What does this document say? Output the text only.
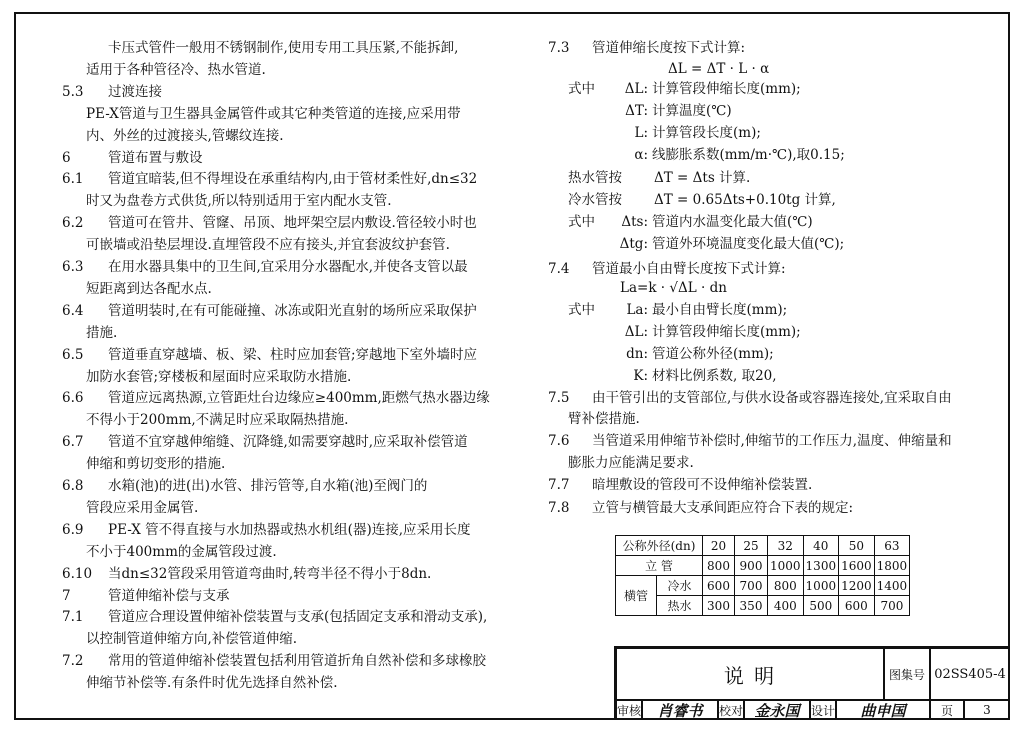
7.3 管道伸缩长度按下式计算:
ΔL = ΔT · L · α
热水管按 ΔT = Δts 计算.
冷水管按 ΔT = 0.65Δts+0.10tg 计算,
7.4 管道最小自由臂长度按下式计算:
La=k · √ΔL · dn
公称外径(dn)		20	25	32	40	50	63
立 管		800	900	1000	1300	1600	1800
横管	冷水	600	700	800	1000	1200	1400
	热水	300	350	400	500	600	700
说 明	图集号 02SS405-4
审核	肖睿书	校对 金永国 设计	曲申国	页	3
卡压式管件一般用不锈钢制作,使用专用工具压紧,不能拆卸,
适用于各种管径冷、热水管道.
5.3 过渡连接
PE-X管道与卫生器具金属管件或其它种类管道的连接,应采用带
内、外丝的过渡接头,管螺纹连接.
6	管道布置与敷设
6.1 管道宜暗装,但不得埋设在承重结构内,由于管材柔性好,dn≤32
时又为盘卷方式供货,所以特别适用于室内配水支管.
6.2 管道可在管井、管窿、吊顶、地坪架空层内敷设.管径较小时也
可嵌墙或沿垫层埋设.直埋管段不应有接头,并宜套波纹护套管.
6.3 在用水器具集中的卫生间,宜采用分水器配水,并使各支管以最
短距离到达各配水点.
6.4 管道明装时,在有可能碰撞、冰冻或阳光直射的场所应采取保护
措施.
6.5 管道垂直穿越墙、板、梁、柱时应加套管;穿越地下室外墙时应
加防水套管;穿楼板和屋面时应采取防水措施.
6.6 管道应远离热源,立管距灶台边缘应≥400mm,距燃气热水器边缘
不得小于200mm,不满足时应采取隔热措施.
6.7 管道不宜穿越伸缩缝、沉降缝,如需要穿越时,应采取补偿管道
伸缩和剪切变形的措施.
6.8 水箱(池)的进(出)水管、排污管等,自水箱(池)至阀门的
管段应采用金属管.
6.9 PE-X 管不得直接与水加热器或热水机组(器)连接,应采用长度
不小于400mm的金属管段过渡.
6.10 当dn≤32管段采用管道弯曲时,转弯半径不得小于8dn.
7	管道伸缩补偿与支承
7.1 管道应合理设置伸缩补偿装置与支承(包括固定支承和滑动支承),
以控制管道伸缩方向,补偿管道伸缩.
7.2 常用的管道伸缩补偿装置包括利用管道折角自然补偿和多球橡胶
伸缩节补偿等.有条件时优先选择自然补偿.
式中	ΔL: 计算管段伸缩长度(mm);
ΔT: 计算温度(℃)
L: 计算管段长度(m);
α: 线膨胀系数(mm/m·℃),取0.15;
式中	Δts: 管道内水温变化最大值(℃)
Δtg: 管道外环境温度变化最大值(℃);
式中	La: 最小自由臂长度(mm);
ΔL: 计算管段伸缩长度(mm);
dn: 管道公称外径(mm);
K: 材料比例系数, 取20,
7.5 由干管引出的支管部位,与供水设备或容器连接处,宜采取自由
臂补偿措施.
7.6 当管道采用伸缩节补偿时,伸缩节的工作压力,温度、伸缩量和
膨胀力应能满足要求.
7.7 暗埋敷设的管段可不设伸缩补偿装置.
7.8 立管与横管最大支承间距应符合下表的规定:
